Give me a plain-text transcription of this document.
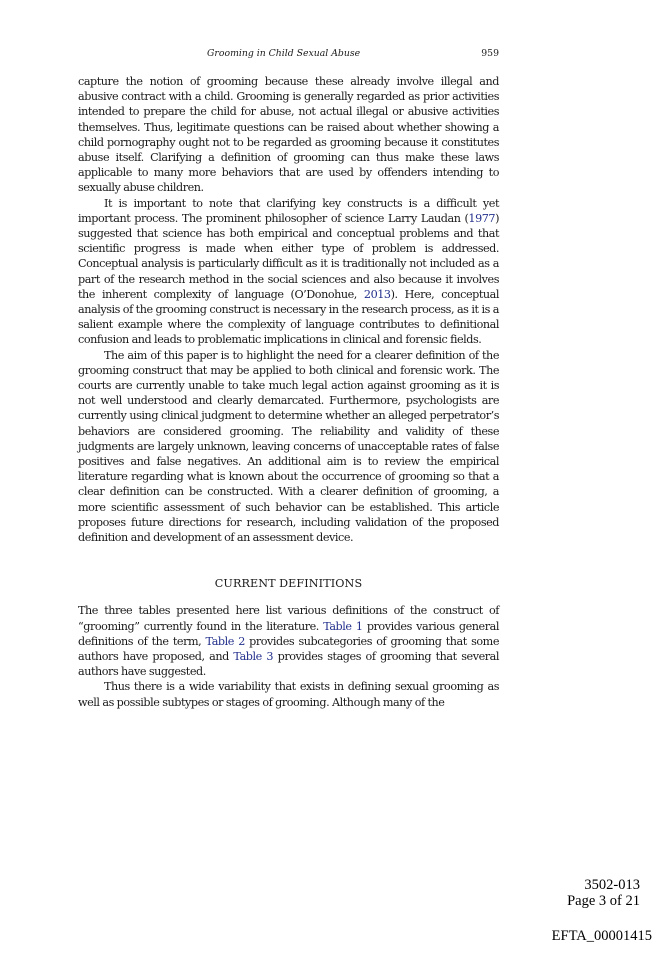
Grooming in Child Sexual Abuse	959

capture the notion of grooming because these already involve illegal and abusive contract with a child. Grooming is generally regarded as prior activities intended to prepare the child for abuse, not actual illegal or abusive activities themselves. Thus, legitimate questions can be raised about whether showing a child pornography ought not to be regarded as grooming because it constitutes abuse itself. Clarifying a definition of grooming can thus make these laws applicable to many more behaviors that are used by offenders intending to sexually abuse children.

It is important to note that clarifying key constructs is a difficult yet important process. The prominent philosopher of science Larry Laudan (1977) suggested that science has both empirical and conceptual problems and that scientific progress is made when either type of problem is addressed. Conceptual analysis is particularly difficult as it is traditionally not included as a part of the research method in the social sciences and also because it involves the inherent complexity of language (O’Donohue, 2013). Here, conceptual analysis of the grooming construct is necessary in the research process, as it is a salient example where the complexity of language contributes to definitional confusion and leads to problematic implications in clinical and forensic fields.

The aim of this paper is to highlight the need for a clearer definition of the grooming construct that may be applied to both clinical and forensic work. The courts are currently unable to take much legal action against grooming as it is not well understood and clearly demarcated. Furthermore, psychologists are currently using clinical judgment to determine whether an alleged perpetrator’s behaviors are considered grooming. The reliability and validity of these judgments are largely unknown, leaving concerns of unacceptable rates of false positives and false negatives. An additional aim is to review the empirical literature regarding what is known about the occurrence of grooming so that a clear definition can be constructed. With a clearer definition of grooming, a more scientific assessment of such behavior can be established. This article proposes future directions for research, including validation of the proposed definition and development of an assessment device.

CURRENT DEFINITIONS

The three tables presented here list various definitions of the construct of “grooming” currently found in the literature. Table 1 provides various general definitions of the term, Table 2 provides subcategories of grooming that some authors have proposed, and Table 3 provides stages of grooming that several authors have suggested.

Thus there is a wide variability that exists in defining sexual grooming as well as possible subtypes or stages of grooming. Although many of the

3502-013
Page 3 of 21
EFTA_00001415
